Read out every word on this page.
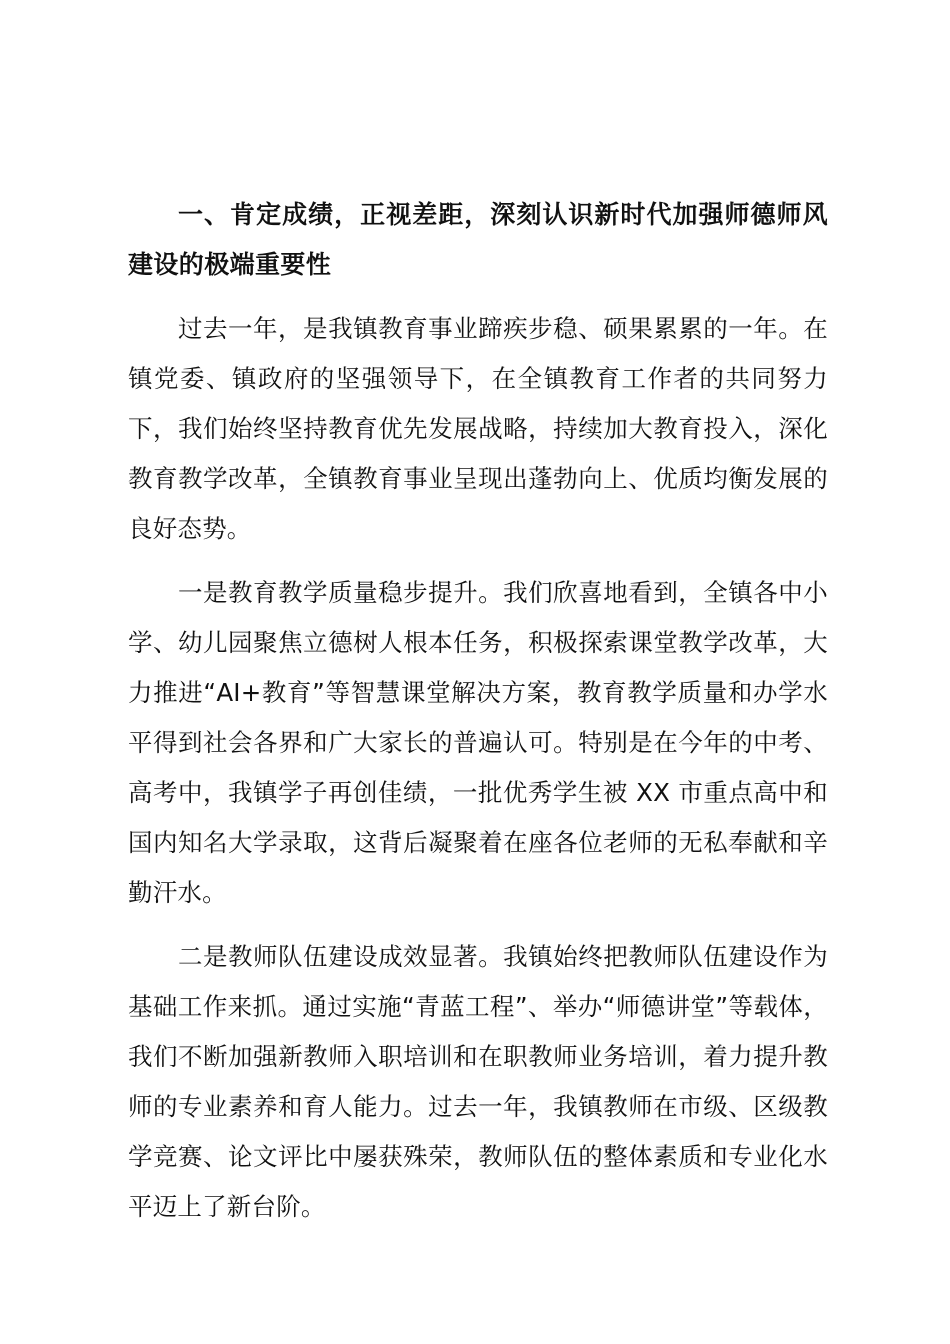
一、肯定成绩，正视差距，深刻认识新时代加强师德师风建设的极端重要性

过去一年，是我镇教育事业蹄疾步稳、硕果累累的一年。在镇党委、镇政府的坚强领导下，在全镇教育工作者的共同努力下，我们始终坚持教育优先发展战略，持续加大教育投入，深化教育教学改革，全镇教育事业呈现出蓬勃向上、优质均衡发展的良好态势。

一是教育教学质量稳步提升。我们欣喜地看到，全镇各中小学、幼儿园聚焦立德树人根本任务，积极探索课堂教学改革，大力推进“AI+教育”等智慧课堂解决方案，教育教学质量和办学水平得到社会各界和广大家长的普遍认可。特别是在今年的中考、高考中，我镇学子再创佳绩，一批优秀学生被 XX 市重点高中和国内知名大学录取，这背后凝聚着在座各位老师的无私奉献和辛勤汗水。

二是教师队伍建设成效显著。我镇始终把教师队伍建设作为基础工作来抓。通过实施“青蓝工程”、举办“师德讲堂”等载体，我们不断加强新教师入职培训和在职教师业务培训，着力提升教师的专业素养和育人能力。过去一年，我镇教师在市级、区级教学竞赛、论文评比中屡获殊荣，教师队伍的整体素质和专业化水平迈上了新台阶。
